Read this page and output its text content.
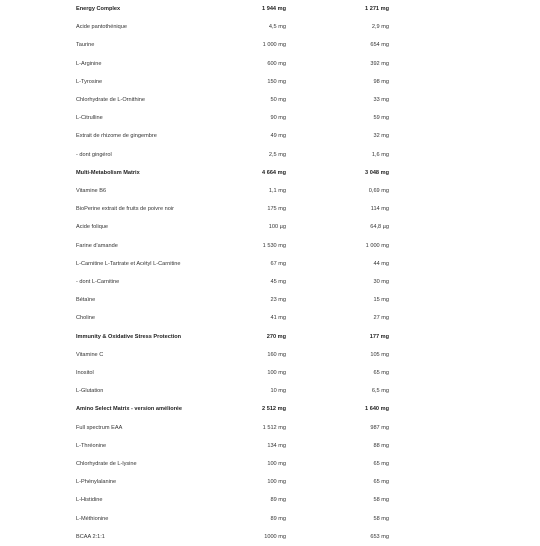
Energy Complex	1 944 mg	1 271 mg
Acide pantothénique	4,5 mg	2,9 mg
Taurine	1 000 mg	654 mg
L-Arginine	600 mg	392 mg
L-Tyrosine	150 mg	98 mg
Chlorhydrate de L-Ornithine	50 mg	33 mg
L-Citrulline	90 mg	59 mg
Extrait de rhizome de gingembre	49 mg	32 mg
- dont gingérol	2,5 mg	1,6 mg
Multi-Metabolism Matrix	4 664 mg	3 048 mg
Vitamine B6	1,1 mg	0,69 mg
BioPerine extrait de fruits de poivre noir	175 mg	114 mg
Acide folique	100 µg	64,8 µg
Farine d'amande	1 530 mg	1 000 mg
L-Carnitine L-Tartrate et Acétyl L-Carnitine	67 mg	44 mg
- dont L-Carnitine	45 mg	30 mg
Bétaïne	23 mg	15 mg
Choline	41 mg	27 mg
Immunity & Oxidative Stress Protection	270 mg	177 mg
Vitamine C	160 mg	105 mg
Inositol	100 mg	65 mg
L-Glutation	10 mg	6,5 mg
Amino Select Matrix - version améliorée	2 512 mg	1 640 mg
Full spectrum EAA	1 512 mg	987 mg
L-Thréonine	134 mg	88 mg
Chlorhydrate de L-lysine	100 mg	65 mg
L-Phénylalanine	100 mg	65 mg
L-Histidine	89 mg	58 mg
L-Méthionine	89 mg	58 mg
BCAA 2:1:1	1000 mg	653 mg
